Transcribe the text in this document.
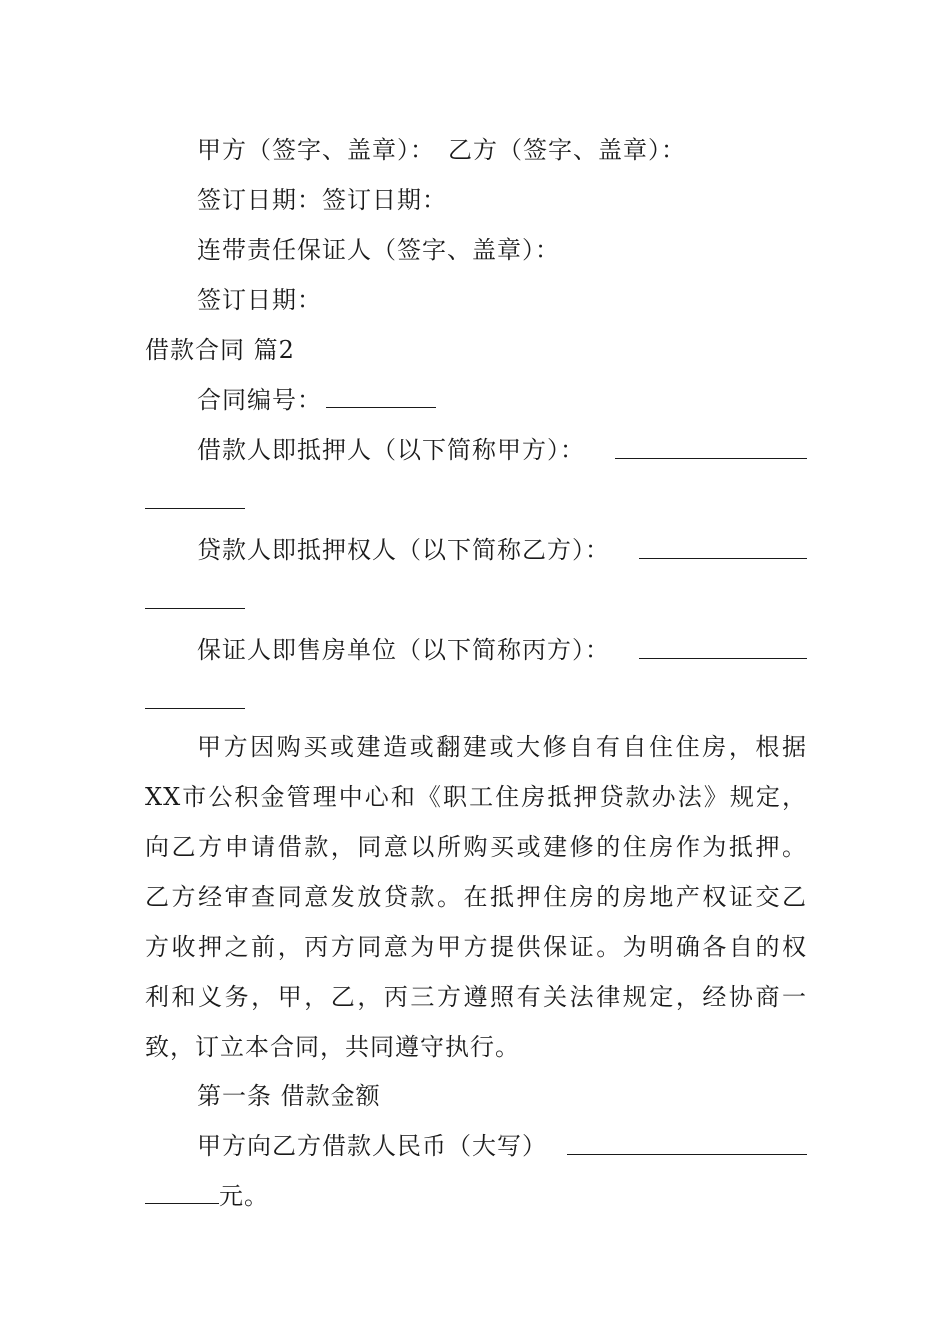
甲方（签字、盖章）：　乙方（签字、盖章）：
签订日期：签订日期：
连带责任保证人（签字、盖章）：
签订日期：
借款合同 篇2
合同编号：
借款人即抵押人（以下简称甲方）：
贷款人即抵押权人（以下简称乙方）：
保证人即售房单位（以下简称丙方）：
甲方因购买或建造或翻建或大修自有自住住房，根据
XX市公积金管理中心和《职工住房抵押贷款办法》规定，
向乙方申请借款，同意以所购买或建修的住房作为抵押。
乙方经审查同意发放贷款。在抵押住房的房地产权证交乙
方收押之前，丙方同意为甲方提供保证。为明确各自的权
利和义务，甲，乙，丙三方遵照有关法律规定，经协商一
致，订立本合同，共同遵守执行。
第一条 借款金额
甲方向乙方借款人民币（大写）
元。
